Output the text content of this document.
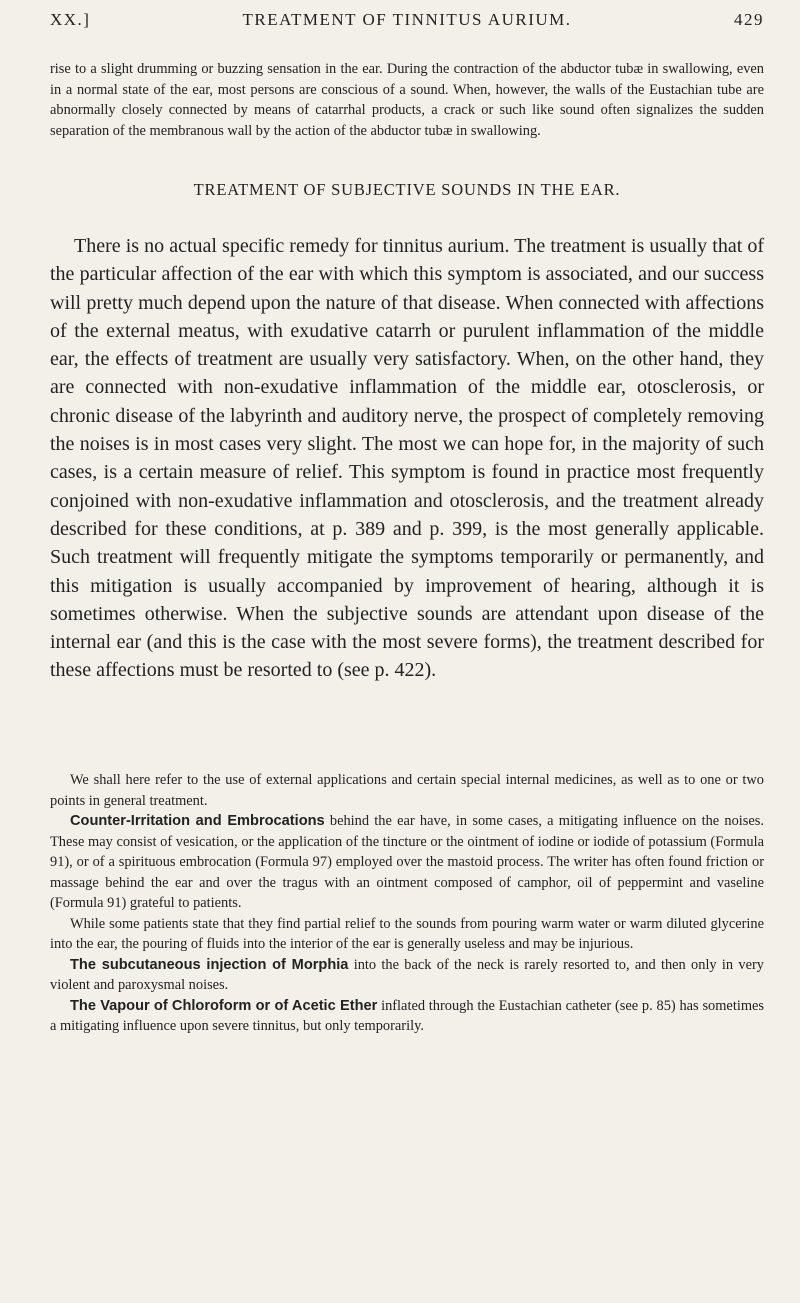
XX.]	TREATMENT OF TINNITUS AURIUM.	429

rise to a slight drumming or buzzing sensation in the ear. During the contraction of the abductor tubæ in swallowing, even in a normal state of the ear, most persons are conscious of a sound. When, however, the walls of the Eustachian tube are abnormally closely connected by means of catarrhal products, a crack or such like sound often signalizes the sudden separation of the membranous wall by the action of the abductor tubæ in swallowing.

TREATMENT OF SUBJECTIVE SOUNDS IN THE EAR.

There is no actual specific remedy for tinnitus aurium. The treatment is usually that of the particular affection of the ear with which this symptom is associated, and our success will pretty much depend upon the nature of that disease. When connected with affections of the external meatus, with exudative catarrh or purulent inflammation of the middle ear, the effects of treatment are usually very satisfactory. When, on the other hand, they are connected with non-exudative inflammation of the middle ear, otosclerosis, or chronic disease of the labyrinth and auditory nerve, the prospect of completely removing the noises is in most cases very slight. The most we can hope for, in the majority of such cases, is a certain measure of relief. This symptom is found in practice most frequently conjoined with non-exudative inflammation and otosclerosis, and the treatment already described for these conditions, at p. 389 and p. 399, is the most generally applicable. Such treatment will frequently mitigate the symptoms temporarily or permanently, and this mitigation is usually accompanied by improvement of hearing, although it is sometimes otherwise. When the subjective sounds are attendant upon disease of the internal ear (and this is the case with the most severe forms), the treatment described for these affections must be resorted to (see p. 422).

We shall here refer to the use of external applications and certain special internal medicines, as well as to one or two points in general treatment.

Counter-Irritation and Embrocations behind the ear have, in some cases, a mitigating influence on the noises. These may consist of vesication, or the application of the tincture or the ointment of iodine or iodide of potassium (Formula 91), or of a spirituous embrocation (Formula 97) employed over the mastoid process. The writer has often found friction or massage behind the ear and over the tragus with an ointment composed of camphor, oil of peppermint and vaseline (Formula 91) grateful to patients.

While some patients state that they find partial relief to the sounds from pouring warm water or warm diluted glycerine into the ear, the pouring of fluids into the interior of the ear is generally useless and may be injurious.

The subcutaneous injection of Morphia into the back of the neck is rarely resorted to, and then only in very violent and paroxysmal noises.

The Vapour of Chloroform or of Acetic Ether inflated through the Eustachian catheter (see p. 85) has sometimes a mitigating influence upon severe tinnitus, but only temporarily.
